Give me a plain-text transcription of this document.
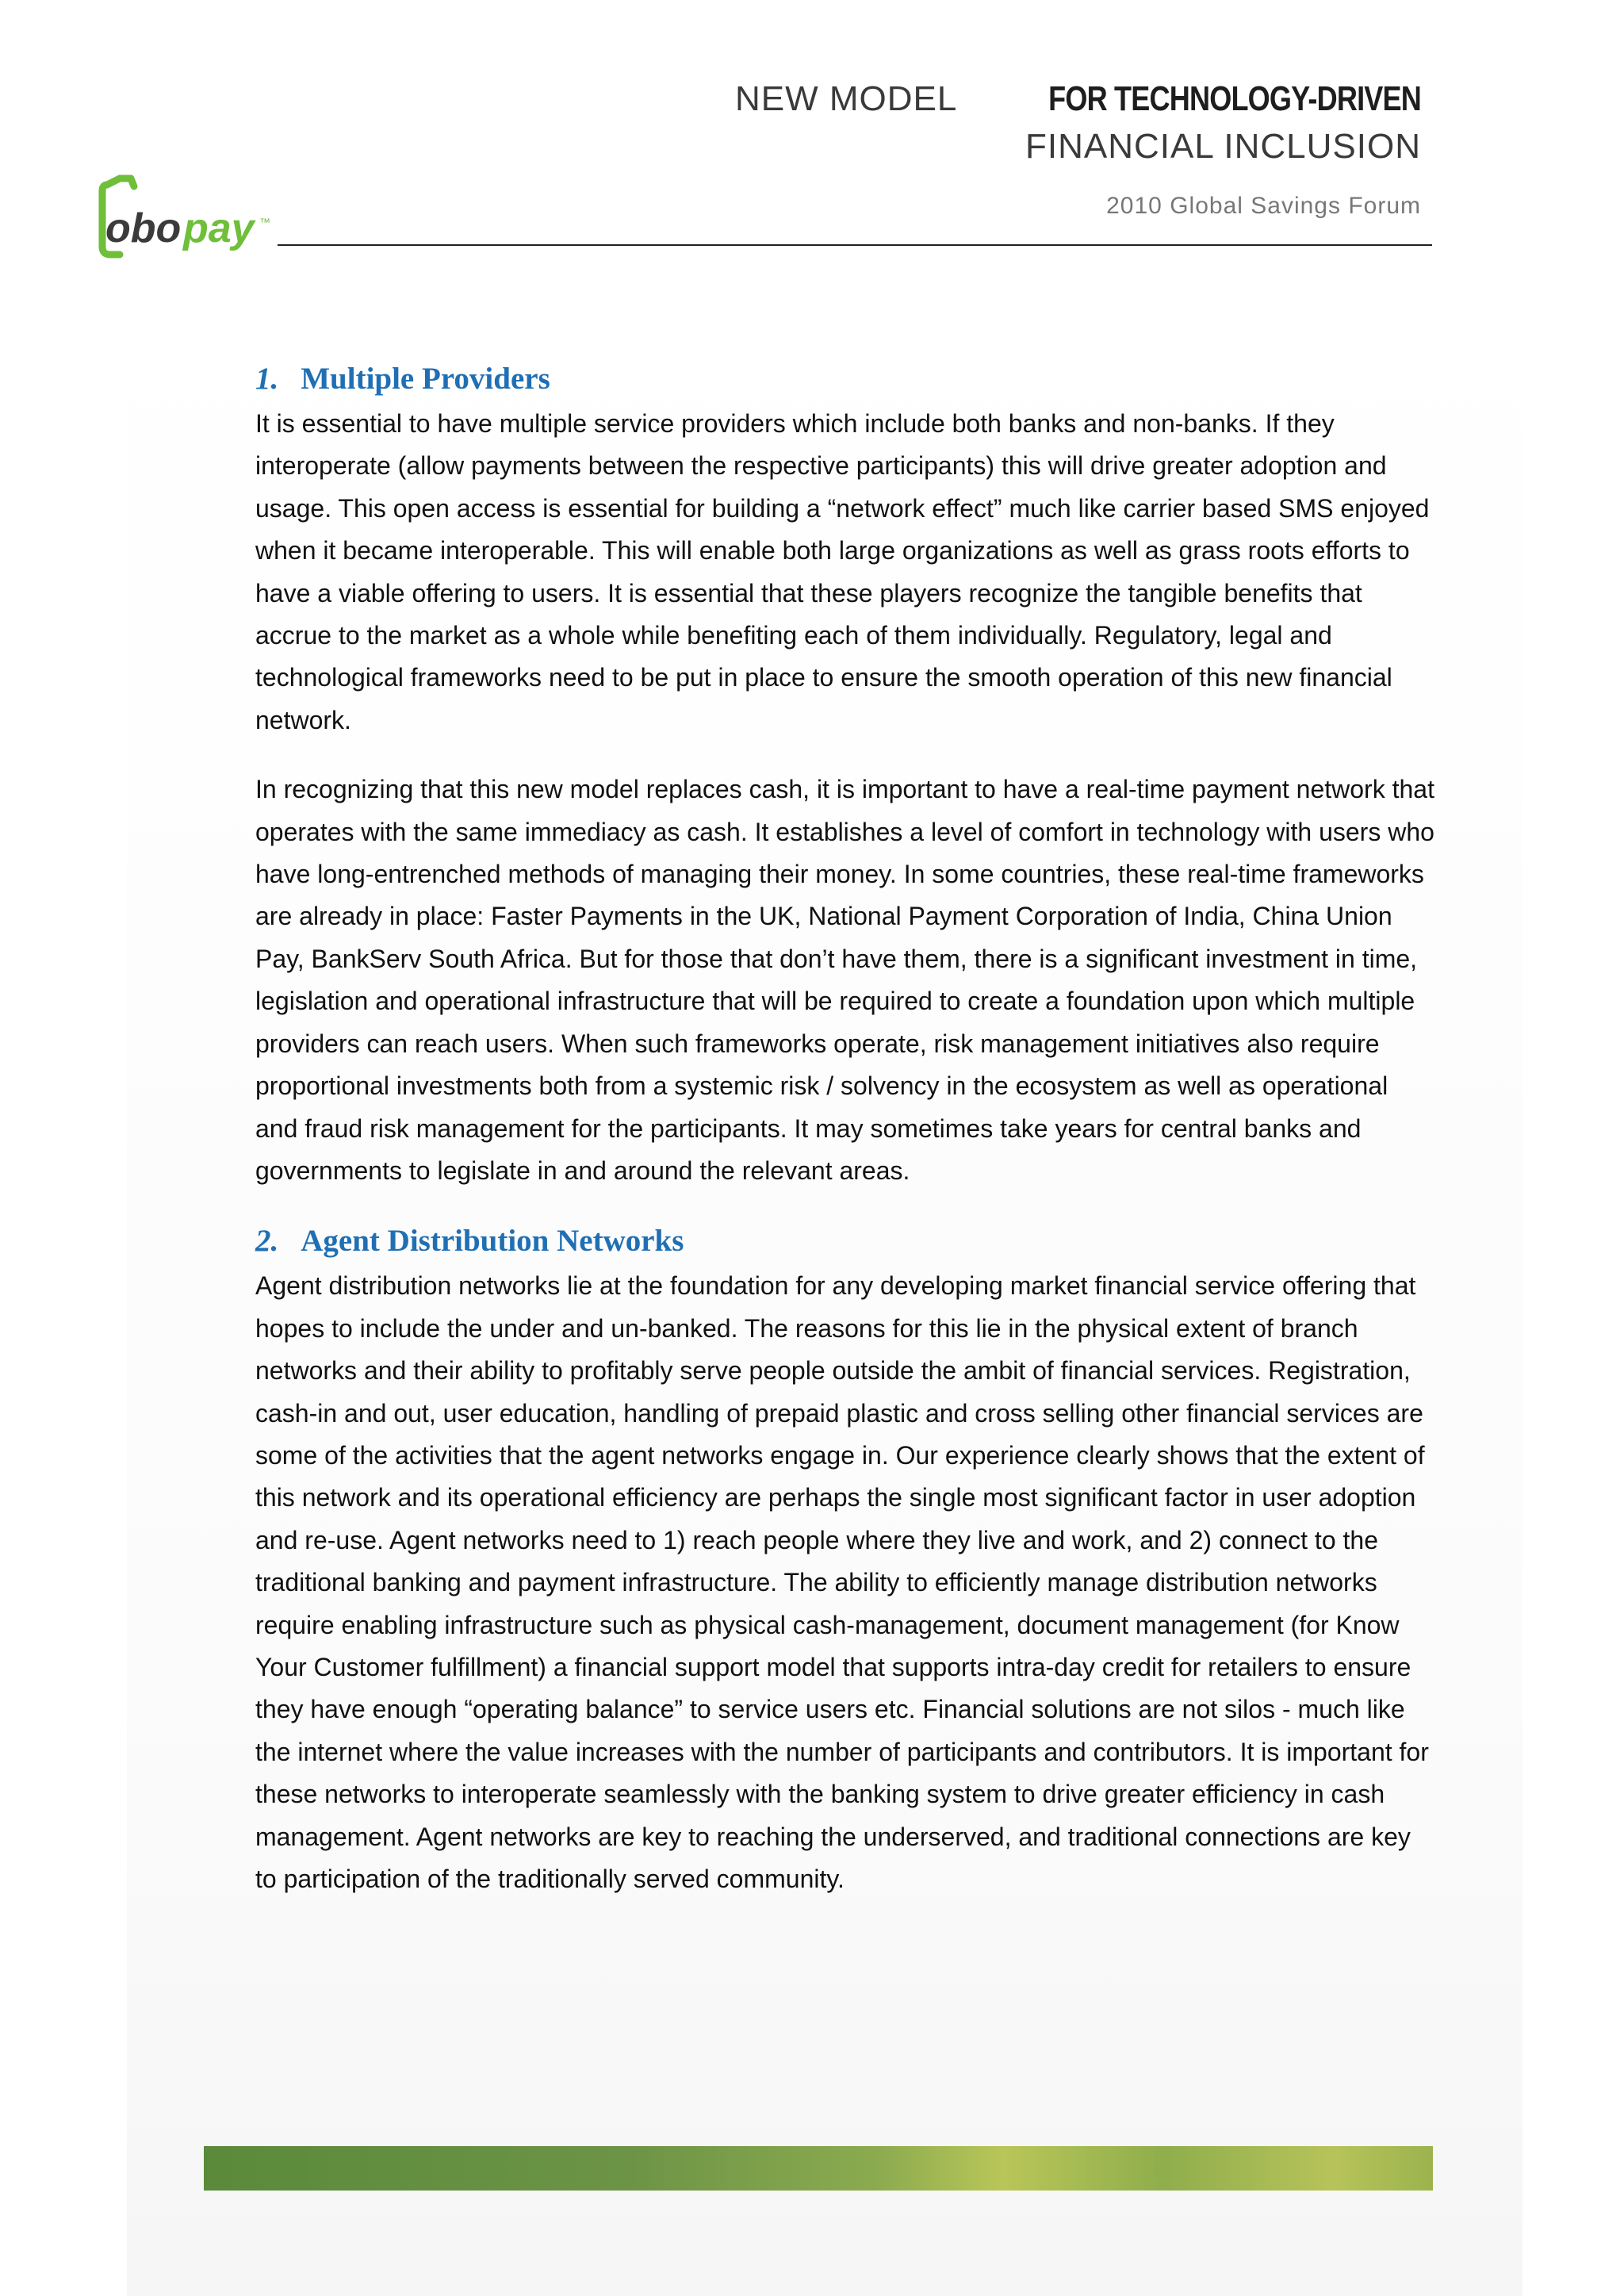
obo pay ™
NEW MODEL	FOR TECHNOLOGY-DRIVEN
FINANCIAL INCLUSION
2010 Global Savings Forum
1. Multiple Providers

It is essential to have multiple service providers which include both banks and non-banks. If they interoperate (allow payments between the respective participants) this will drive greater adoption and usage. This open access is essential for building a “network effect” much like carrier based SMS enjoyed when it became interoperable. This will enable both large organizations as well as grass roots efforts to have a viable offering to users. It is essential that these players recognize the tangible benefits that accrue to the market as a whole while benefiting each of them individually. Regulatory, legal and technological frameworks need to be put in place to ensure the smooth operation of this new financial network.

In recognizing that this new model replaces cash, it is important to have a real-time payment network that operates with the same immediacy as cash. It establishes a level of comfort in technology with users who have long-entrenched methods of managing their money. In some countries, these real-time frameworks are already in place: Faster Payments in the UK, National Payment Corporation of India, China Union Pay, BankServ South Africa. But for those that don’t have them, there is a significant investment in time, legislation and operational infrastructure that will be required to create a foundation upon which multiple providers can reach users. When such frameworks operate, risk management initiatives also require proportional investments both from a systemic risk / solvency in the ecosystem as well as operational and fraud risk management for the participants. It may sometimes take years for central banks and governments to legislate in and around the relevant areas.

2. Agent Distribution Networks

Agent distribution networks lie at the foundation for any developing market financial service offering that hopes to include the under and un-banked. The reasons for this lie in the physical extent of branch networks and their ability to profitably serve people outside the ambit of financial services. Registration, cash-in and out, user education, handling of prepaid plastic and cross selling other financial services are some of the activities that the agent networks engage in. Our experience clearly shows that the extent of this network and its operational efficiency are perhaps the single most significant factor in user adoption and re-use. Agent networks need to 1) reach people where they live and work, and 2) connect to the traditional banking and payment infrastructure. The ability to efficiently manage distribution networks require enabling infrastructure such as physical cash-management, document management (for Know Your Customer fulfillment) a financial support model that supports intra-day credit for retailers to ensure they have enough “operating balance” to service users etc. Financial solutions are not silos - much like the internet where the value increases with the number of participants and contributors. It is important for these networks to interoperate seamlessly with the banking system to drive greater efficiency in cash management. Agent networks are key to reaching the underserved, and traditional connections are key to participation of the traditionally served community.
